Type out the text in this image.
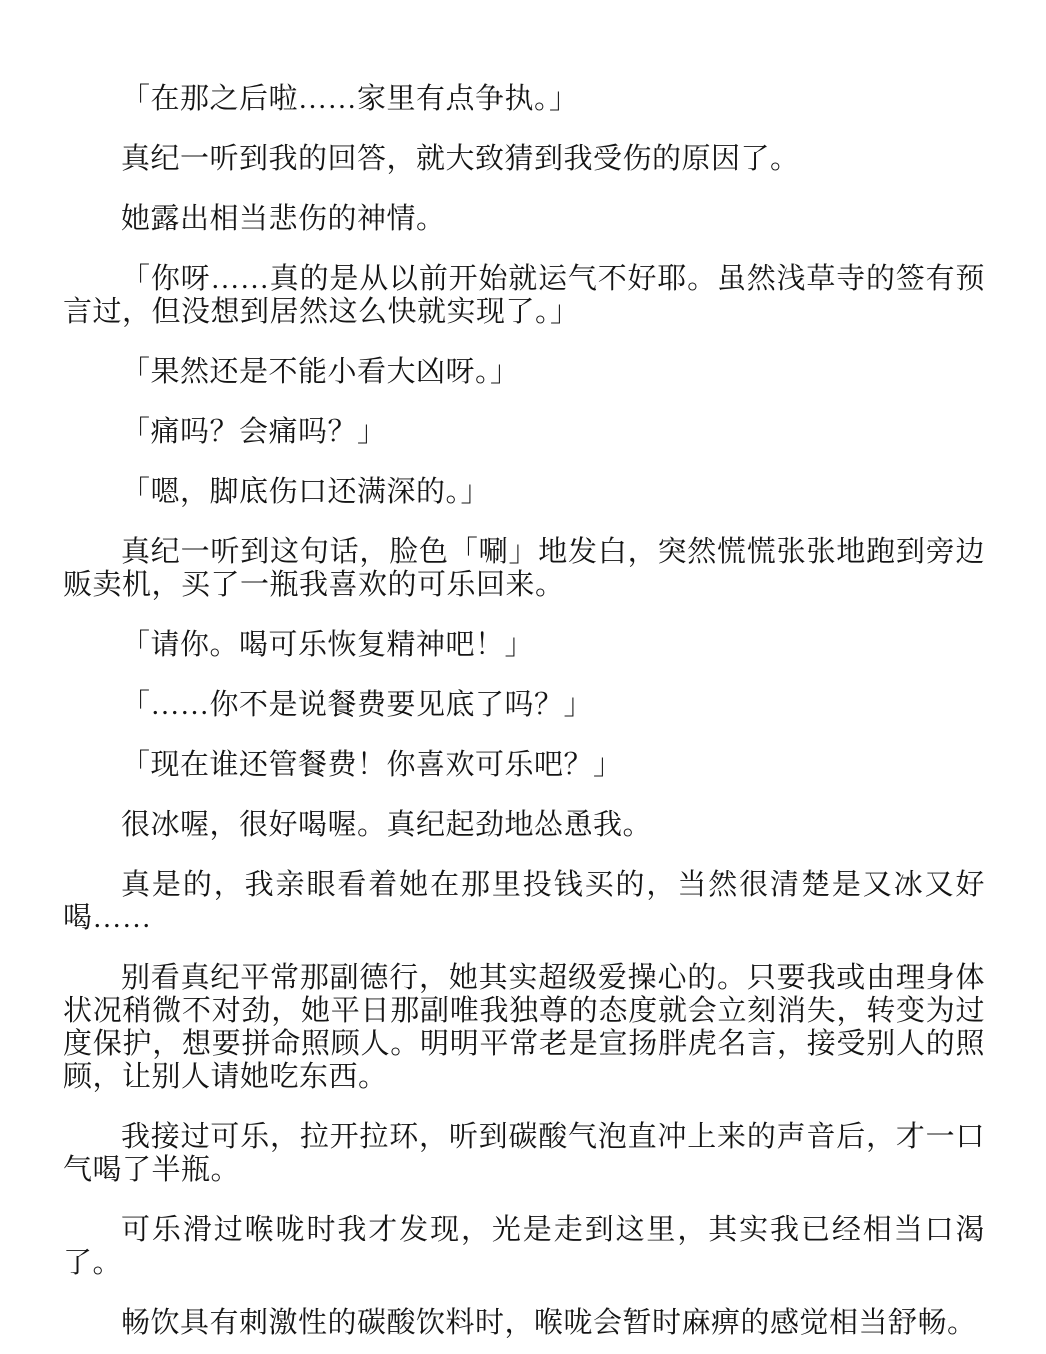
「在那之后啦……家里有点争执。」

真纪一听到我的回答，就大致猜到我受伤的原因了。

她露出相当悲伤的神情。

「你呀……真的是从以前开始就运气不好耶。虽然浅草寺的签有预言过，但没想到居然这么快就实现了。」

「果然还是不能小看大凶呀。」

「痛吗？会痛吗？」

「嗯，脚底伤口还满深的。」

真纪一听到这句话，脸色「唰」地发白，突然慌慌张张地跑到旁边贩卖机，买了一瓶我喜欢的可乐回来。

「请你。喝可乐恢复精神吧！」

「……你不是说餐费要见底了吗？」

「现在谁还管餐费！你喜欢可乐吧？」

很冰喔，很好喝喔。真纪起劲地怂恿我。

真是的，我亲眼看着她在那里投钱买的，当然很清楚是又冰又好喝……

别看真纪平常那副德行，她其实超级爱操心的。只要我或由理身体状况稍微不对劲，她平日那副唯我独尊的态度就会立刻消失，转变为过度保护，想要拼命照顾人。明明平常老是宣扬胖虎名言，接受别人的照顾，让别人请她吃东西。

我接过可乐，拉开拉环，听到碳酸气泡直冲上来的声音后，才一口气喝了半瓶。

可乐滑过喉咙时我才发现，光是走到这里，其实我已经相当口渴了。

畅饮具有刺激性的碳酸饮料时，喉咙会暂时麻痹的感觉相当舒畅。
